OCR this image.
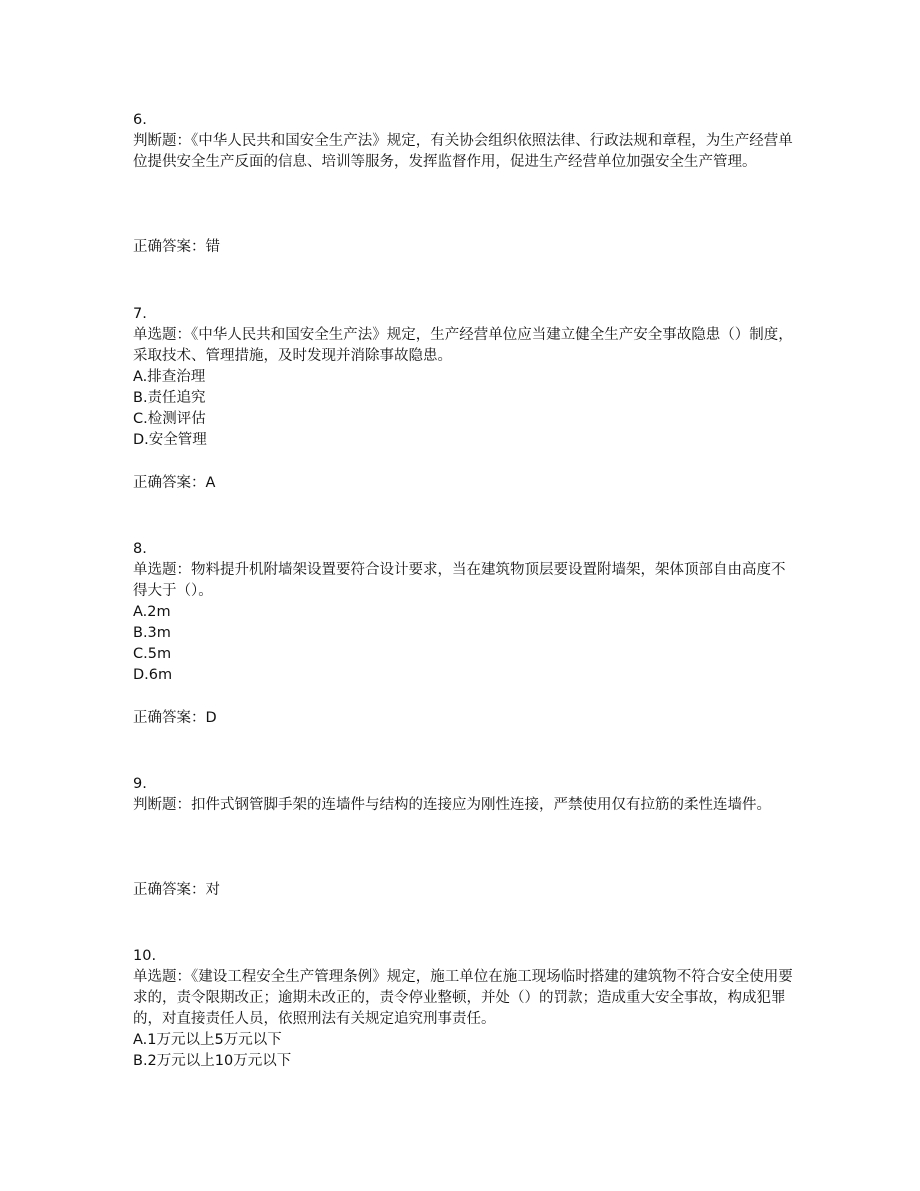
6.
判断题：《中华人民共和国安全生产法》规定，有关协会组织依照法律、行政法规和章程，为生产经营单位提供安全生产反面的信息、培训等服务，发挥监督作用，促进生产经营单位加强安全生产管理。
正确答案：错
7.
单选题：《中华人民共和国安全生产法》规定，生产经营单位应当建立健全生产安全事故隐患（）制度，采取技术、管理措施，及时发现并消除事故隐患。
A.排查治理
B.责任追究
C.检测评估
D.安全管理
正确答案：A
8.
单选题：物料提升机附墙架设置要符合设计要求，当在建筑物顶层要设置附墙架，架体顶部自由高度不得大于（）。
A.2m
B.3m
C.5m
D.6m
正确答案：D
9.
判断题：扣件式钢管脚手架的连墙件与结构的连接应为刚性连接，严禁使用仅有拉筋的柔性连墙件。
正确答案：对
10.
单选题：《建设工程安全生产管理条例》规定，施工单位在施工现场临时搭建的建筑物不符合安全使用要求的，责令限期改正；逾期未改正的，责令停业整顿，并处（）的罚款；造成重大安全事故，构成犯罪的，对直接责任人员，依照刑法有关规定追究刑事责任。
A.1万元以上5万元以下
B.2万元以上10万元以下
